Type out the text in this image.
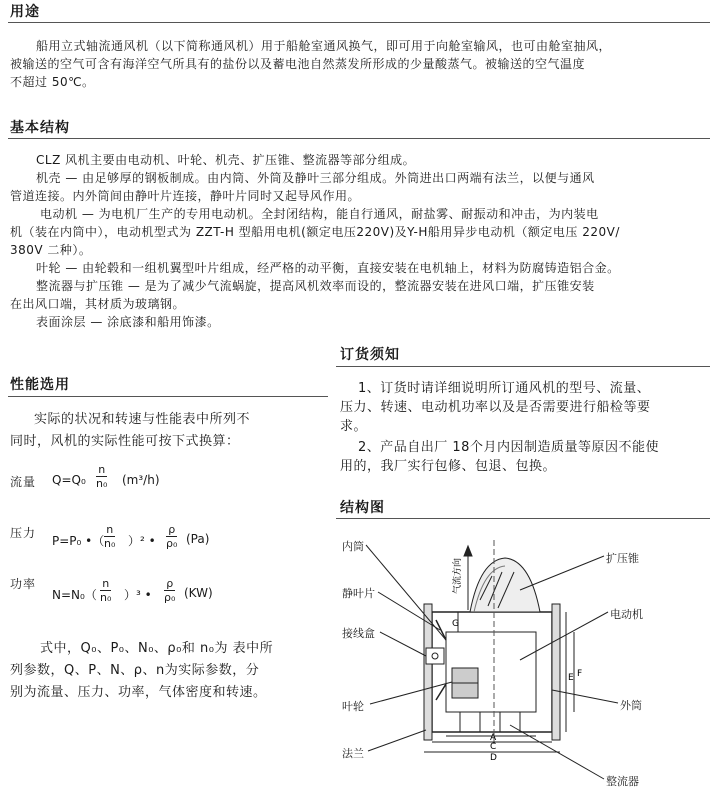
用途

船用立式轴流通风机（以下简称通风机）用于船舱室通风换气，即可用于向舱室输风，也可由舱室抽风，

被输送的空气可含有海洋空气所具有的盐份以及蓄电池自然蒸发所形成的少量酸蒸气。被输送的空气温度

不超过 50℃。

基本结构

CLZ 风机主要由电动机、叶轮、机壳、扩压锥、整流器等部分组成。

机壳 — 由足够厚的钢板制成。由内筒、外筒及静叶三部分组成。外筒进出口两端有法兰，以便与通风

管道连接。内外筒间由静叶片连接，静叶片同时又起导风作用。

电动机 — 为电机厂生产的专用电动机。全封闭结构，能自行通风，耐盐雾、耐振动和冲击，为内装电

机（装在内筒中），电动机型式为 ZZT-H 型船用电机(额定电压220V)及Y-H船用异步电动机（额定电压 220V/

380V 二种）。

叶轮 — 由轮毂和一组机翼型叶片组成，经严格的动平衡，直接安装在电机轴上，材料为防腐铸造铝合金。

整流器与扩压锥 — 是为了减少气流蜗旋，提高风机效率而设的，整流器安装在进风口端，扩压锥安装

在出风口端，其材质为玻璃钢。

表面涂层 — 涂底漆和船用饰漆。

性能选用

实际的状况和转速与性能表中所列不

同时，风机的实际性能可按下式换算：

流量 $Q=Q_0 \frac{n}{\text{n₀}} (m^3/h)$
压力
P=P₀ •（ $\frac{n}{\text{n₀}} )^2$ • $\frac{\rho}{\text{ρ₀}} (Pa)$
功率
$N=N_0( \frac{n}{\text{n₀}} )^3$ • $\frac{\rho}{\text{ρ₀}} (KW)$

式中，Q₀、P₀、N₀、ρ₀和 n₀为 表中所

列参数，Q、P、N、ρ、n为实际参数，分

别为流量、压力、功率，气体密度和转速。

订货须知

1、订货时请详细说明所订通风机的型号、流量、

压力、转速、电动机功率以及是否需要进行船检等要

求。

2、产品自出厂 18个月内因制造质量等原因不能使

用的，我厂实行包修、包退、包换。

结构图
内筒
静叶片
接线盒
叶轮
法兰
扩压锥
电动机
外筒
整流器
气流方向
G
E F
A
C
D
